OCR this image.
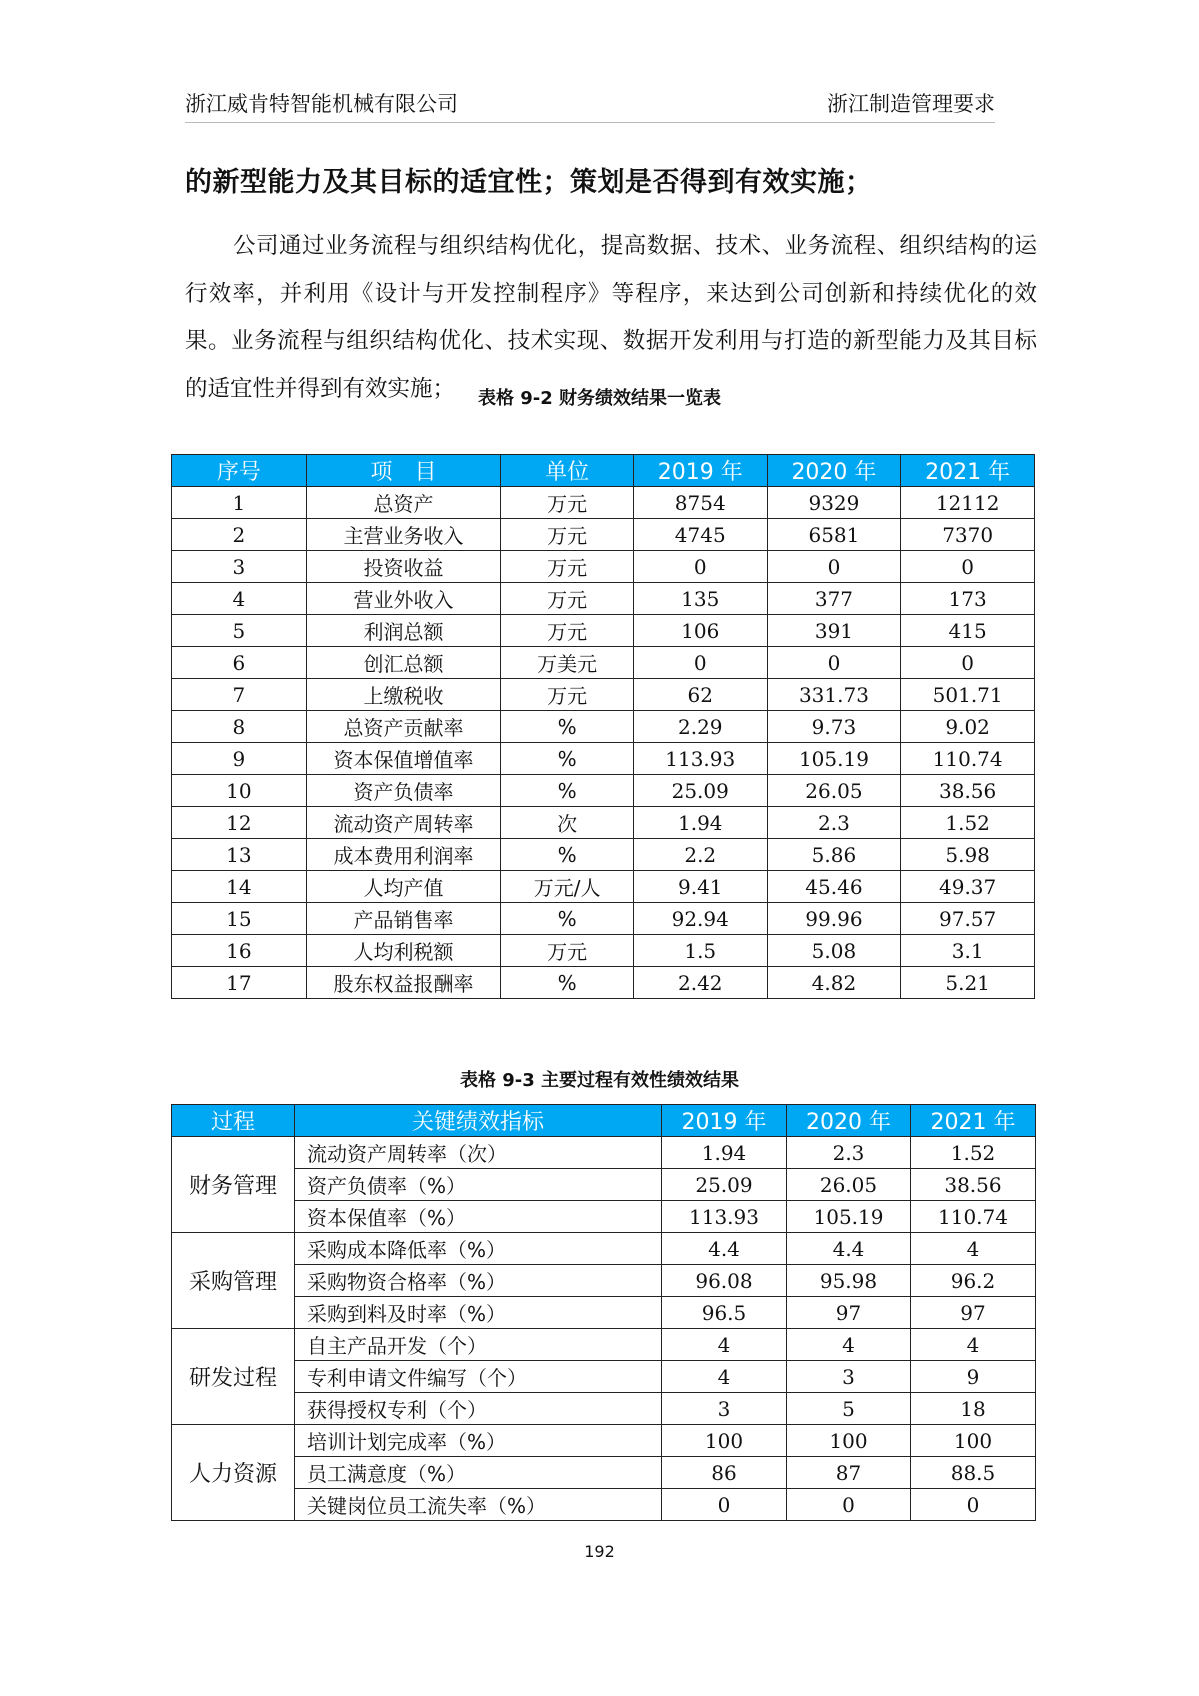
浙江威肯特智能机械有限公司	浙江制造管理要求
的新型能力及其目标的适宜性；策划是否得到有效实施；
公司通过业务流程与组织结构优化，提高数据、技术、业务流程、组织结构的运行效率，并利用《设计与开发控制程序》等程序，来达到公司创新和持续优化的效果。业务流程与组织结构优化、技术实现、数据开发利用与打造的新型能力及其目标的适宜性并得到有效实施；	表格 9-2 财务绩效结果一览表
序号	项　目	单位	2019 年	2020 年	2021 年
1	总资产	万元	8754	9329	12112
2	主营业务收入	万元	4745	6581	7370
3	投资收益	万元	0	0	0
4	营业外收入	万元	135	377	173
5	利润总额	万元	106	391	415
6	创汇总额	万美元	0	0	0
7	上缴税收	万元	62	331.73	501.71
8	总资产贡献率	%	2.29	9.73	9.02
9	资本保值增值率	%	113.93	105.19	110.74
10	资产负债率	%	25.09	26.05	38.56
12	流动资产周转率	次	1.94	2.3	1.52
13	成本费用利润率	%	2.2	5.86	5.98
14	人均产值	万元/人	9.41	45.46	49.37
15	产品销售率	%	92.94	99.96	97.57
16	人均利税额	万元	1.5	5.08	3.1
17	股东权益报酬率	%	2.42	4.82	5.21
表格 9-3 主要过程有效性绩效结果
过程	关键绩效指标	2019 年	2020 年	2021 年
财务管理	流动资产周转率（次）	1.94	2.3	1.52
	资产负债率（%）	25.09	26.05	38.56
	资本保值率（%）	113.93	105.19	110.74
采购管理	采购成本降低率（%）	4.4	4.4	4
	采购物资合格率（%）	96.08	95.98	96.2
	采购到料及时率（%）	96.5	97	97
研发过程	自主产品开发（个）	4	4	4
	专利申请文件编写（个）	4	3	9
	获得授权专利（个）	3	5	18
人力资源	培训计划完成率（%）	100	100	100
	员工满意度（%）	86	87	88.5
	关键岗位员工流失率（%）	0	0	0
192
